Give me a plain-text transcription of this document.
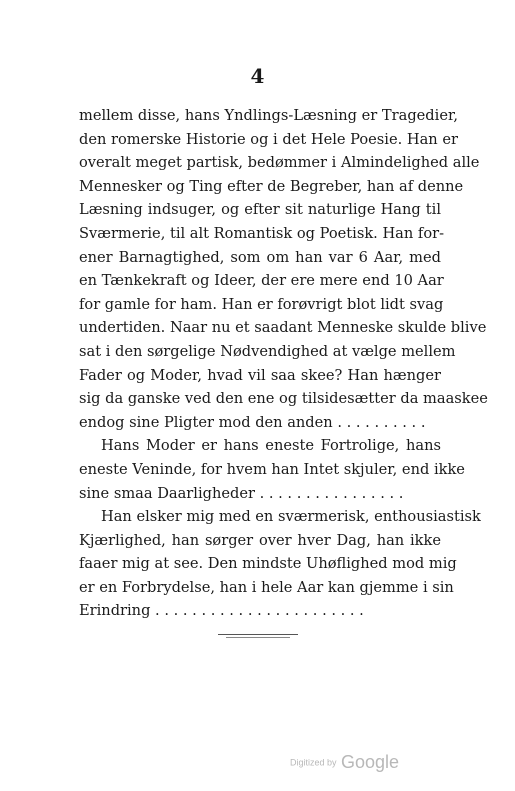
4

mellem disse, hans Yndlings-Læsning er Tragedier,
den romerske Historie og i det Hele Poesie. Han er
overalt meget partisk, bedømmer i Almindelighed alle
Mennesker og Ting efter de Begreber, han af denne
Læsning indsuger, og efter sit naturlige Hang til
Sværmerie, til alt Romantisk og Poetisk. Han for-
ener Barnagtighed, som om han var 6 Aar, med
en Tænkekraft og Ideer, der ere mere end 10 Aar
for gamle for ham. Han er forøvrigt blot lidt svag
undertiden. Naar nu et saadant Menneske skulde blive
sat i den sørgelige Nødvendighed at vælge mellem
Fader og Moder, hvad vil saa skee? Han hænger
sig da ganske ved den ene og tilsidesætter da maaskee
endog sine Pligter mod den anden . . . . . . . . . .

Hans Moder er hans eneste Fortrolige, hans
eneste Veninde, for hvem han Intet skjuler, end ikke
sine smaa Daarligheder . . . . . . . . . . . . . . . .

Han elsker mig med en sværmerisk, enthousiastisk
Kjærlighed, han sørger over hver Dag, han ikke
faaer mig at see. Den mindste Uhøflighed mod mig
er en Forbrydelse, han i hele Aar kan gjemme i sin
Erindring . . . . . . . . . . . . . . . . . . . . . . .

Digitized by Google
